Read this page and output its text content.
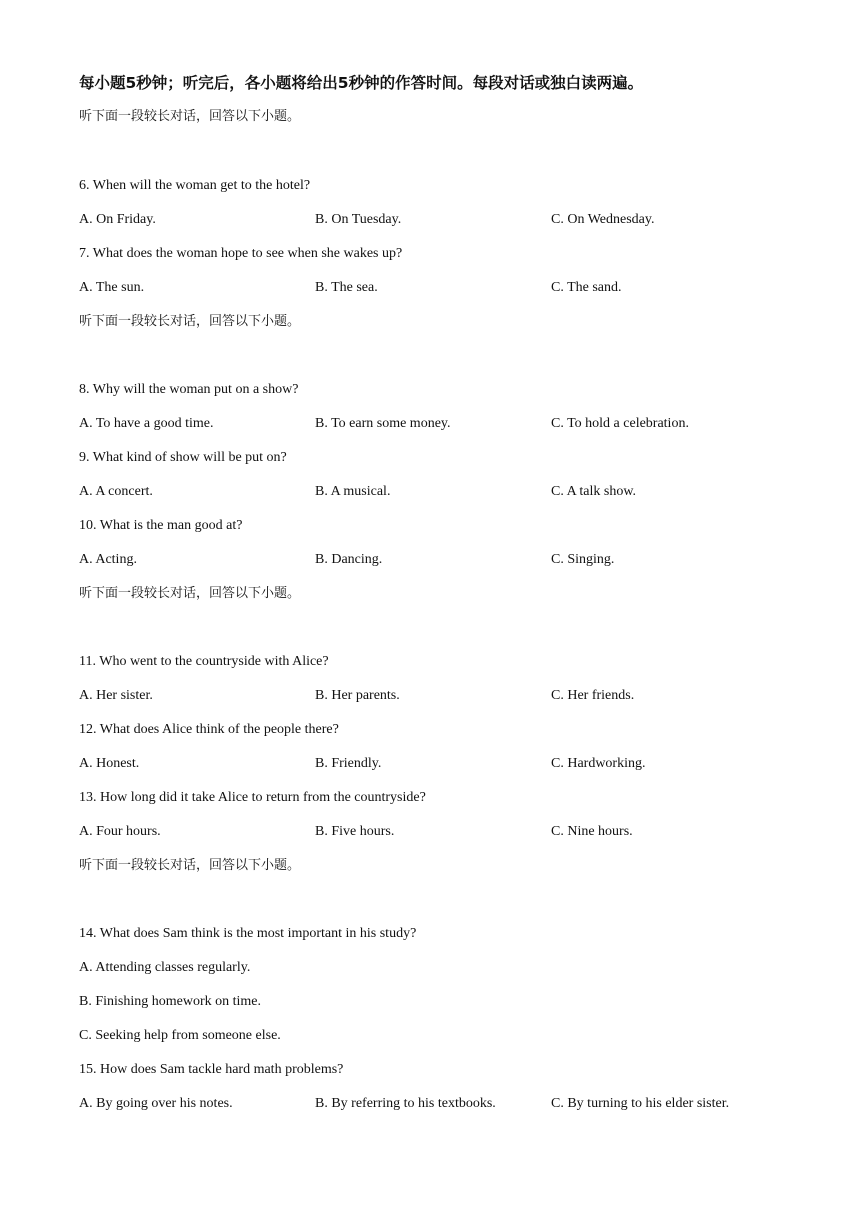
每小题5秒钟；听完后，各小题将给出5秒钟的作答时间。每段对话或独白读两遍。
听下面一段较长对话，回答以下小题。
6. When will the woman get to the hotel?
A. On Friday.	B. On Tuesday.	C. On Wednesday.
7. What does the woman hope to see when she wakes up?
A. The sun.	B. The sea.	C. The sand.
听下面一段较长对话，回答以下小题。
8. Why will the woman put on a show?
A. To have a good time.	B. To earn some money.	C. To hold a celebration.
9. What kind of show will be put on?
A. A concert.	B. A musical.	C. A talk show.
10. What is the man good at?
A. Acting.	B. Dancing.	C. Singing.
听下面一段较长对话，回答以下小题。
11. Who went to the countryside with Alice?
A. Her sister.	B. Her parents.	C. Her friends.
12. What does Alice think of the people there?
A. Honest.	B. Friendly.	C. Hardworking.
13. How long did it take Alice to return from the countryside?
A. Four hours.	B. Five hours.	C. Nine hours.
听下面一段较长对话，回答以下小题。
14. What does Sam think is the most important in his study?
A. Attending classes regularly.
B. Finishing homework on time.
C. Seeking help from someone else.
15. How does Sam tackle hard math problems?
A. By going over his notes.	B. By referring to his textbooks.	C. By turning to his elder sister.
